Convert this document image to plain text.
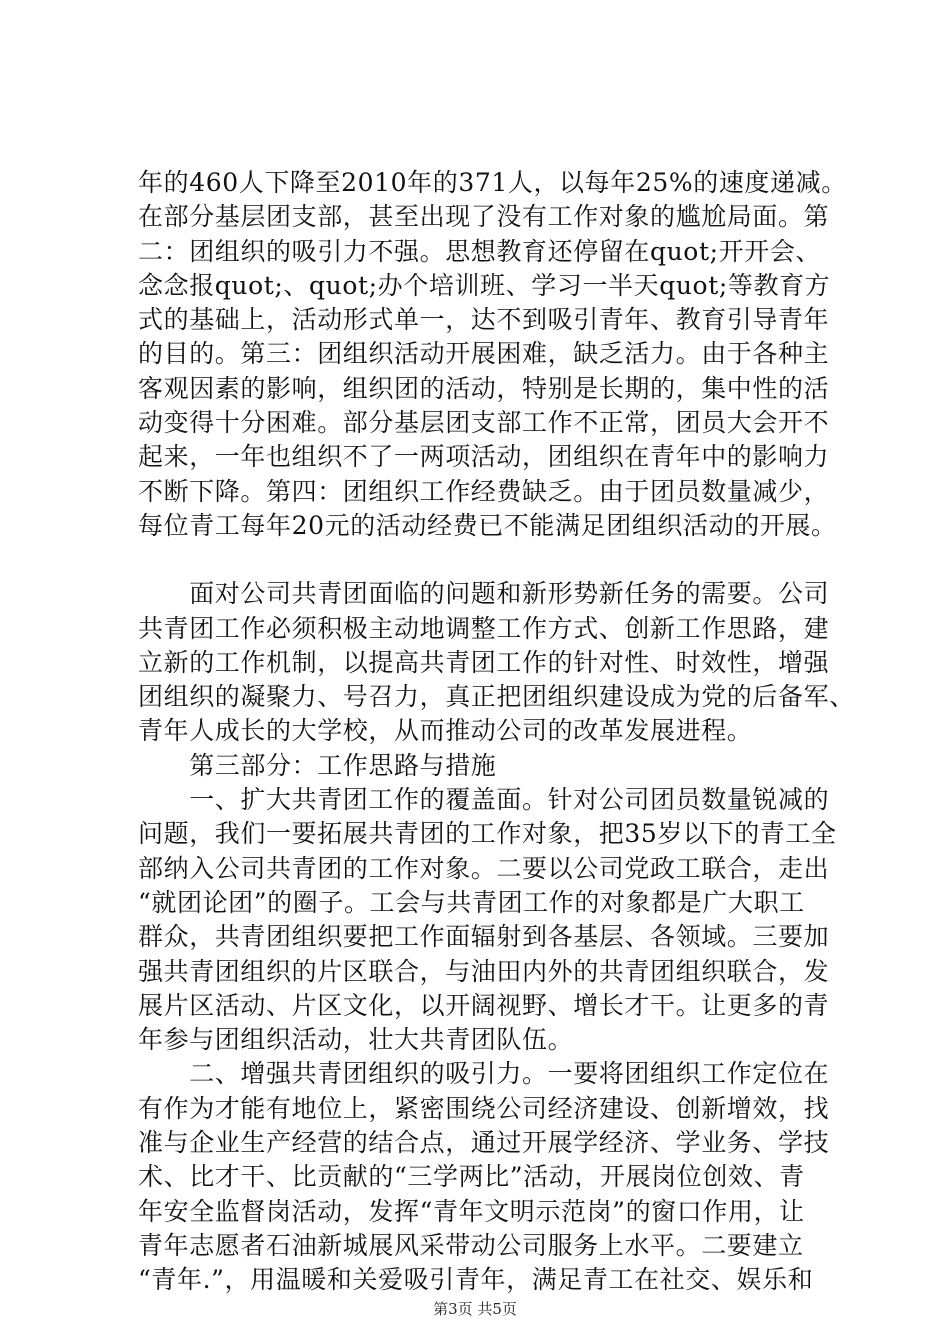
年的460人下降至2010年的371人，以每年25%的速度递减。
在部分基层团支部，甚至出现了没有工作对象的尴尬局面。第
二：团组织的吸引力不强。思想教育还停留在quot;开开会、
念念报quot;、quot;办个培训班、学习一半天quot;等教育方
式的基础上，活动形式单一，达不到吸引青年、教育引导青年
的目的。第三：团组织活动开展困难，缺乏活力。由于各种主
客观因素的影响，组织团的活动，特别是长期的，集中性的活
动变得十分困难。部分基层团支部工作不正常，团员大会开不
起来，一年也组织不了一两项活动，团组织在青年中的影响力
不断下降。第四：团组织工作经费缺乏。由于团员数量减少，
每位青工每年20元的活动经费已不能满足团组织活动的开展。
　　面对公司共青团面临的问题和新形势新任务的需要。公司
共青团工作必须积极主动地调整工作方式、创新工作思路，建
立新的工作机制，以提高共青团工作的针对性、时效性，增强
团组织的凝聚力、号召力，真正把团组织建设成为党的后备军、
青年人成长的大学校，从而推动公司的改革发展进程。
　　第三部分：工作思路与措施
　　一、扩大共青团工作的覆盖面。针对公司团员数量锐减的
问题，我们一要拓展共青团的工作对象，把35岁以下的青工全
部纳入公司共青团的工作对象。二要以公司党政工联合，走出
“就团论团”的圈子。工会与共青团工作的对象都是广大职工
群众，共青团组织要把工作面辐射到各基层、各领域。三要加
强共青团组织的片区联合，与油田内外的共青团组织联合，发
展片区活动、片区文化，以开阔视野、增长才干。让更多的青
年参与团组织活动，壮大共青团队伍。
　　二、增强共青团组织的吸引力。一要将团组织工作定位在
有作为才能有地位上，紧密围绕公司经济建设、创新增效，找
准与企业生产经营的结合点，通过开展学经济、学业务、学技
术、比才干、比贡献的“三学两比”活动，开展岗位创效、青
年安全监督岗活动，发挥“青年文明示范岗”的窗口作用，让
青年志愿者石油新城展风采带动公司服务上水平。二要建立
“青年.”，用温暖和关爱吸引青年，满足青工在社交、娱乐和
第3页 共5页
